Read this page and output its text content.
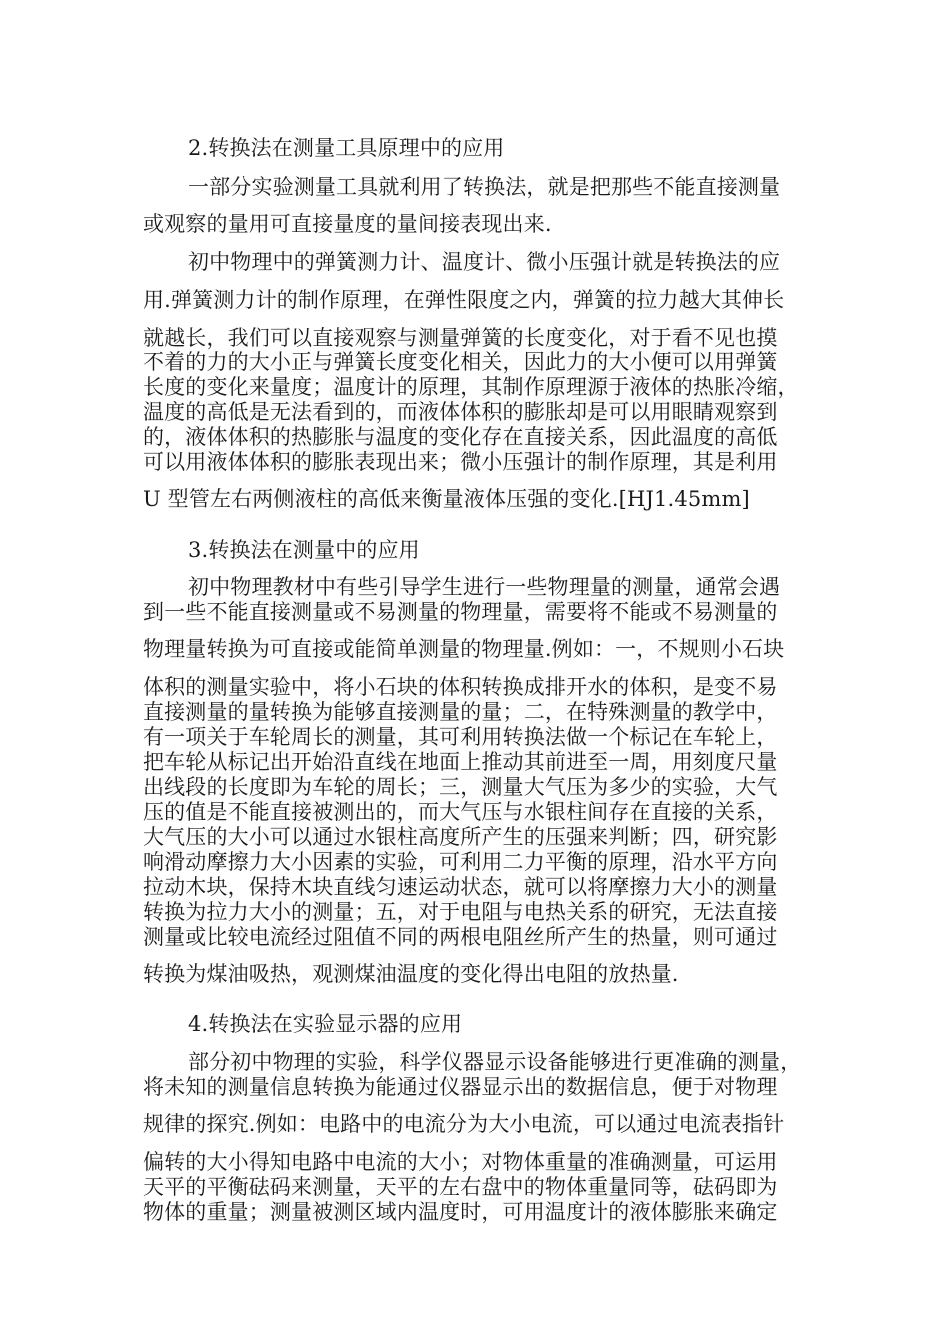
2.转换法在测量工具原理中的应用
一部分实验测量工具就利用了转换法，就是把那些不能直接测量
或观察的量用可直接量度的量间接表现出来.
初中物理中的弹簧测力计、温度计、微小压强计就是转换法的应
用.弹簧测力计的制作原理，在弹性限度之内，弹簧的拉力越大其伸长
就越长，我们可以直接观察与测量弹簧的长度变化，对于看不见也摸
不着的力的大小正与弹簧长度变化相关，因此力的大小便可以用弹簧
长度的变化来量度；温度计的原理，其制作原理源于液体的热胀冷缩，
温度的高低是无法看到的，而液体体积的膨胀却是可以用眼睛观察到
的，液体体积的热膨胀与温度的变化存在直接关系，因此温度的高低
可以用液体体积的膨胀表现出来；微小压强计的制作原理，其是利用
U 型管左右两侧液柱的高低来衡量液体压强的变化.[HJ1.45mm]
3.转换法在测量中的应用
初中物理教材中有些引导学生进行一些物理量的测量，通常会遇
到一些不能直接测量或不易测量的物理量，需要将不能或不易测量的
物理量转换为可直接或能简单测量的物理量.例如：一，不规则小石块
体积的测量实验中，将小石块的体积转换成排开水的体积，是变不易
直接测量的量转换为能够直接测量的量；二，在特殊测量的教学中，
有一项关于车轮周长的测量，其可利用转换法做一个标记在车轮上，
把车轮从标记出开始沿直线在地面上推动其前进至一周，用刻度尺量
出线段的长度即为车轮的周长；三，测量大气压为多少的实验，大气
压的值是不能直接被测出的，而大气压与水银柱间存在直接的关系，
大气压的大小可以通过水银柱高度所产生的压强来判断；四，研究影
响滑动摩擦力大小因素的实验，可利用二力平衡的原理，沿水平方向
拉动木块，保持木块直线匀速运动状态，就可以将摩擦力大小的测量
转换为拉力大小的测量；五，对于电阻与电热关系的研究，无法直接
测量或比较电流经过阻值不同的两根电阻丝所产生的热量，则可通过
转换为煤油吸热，观测煤油温度的变化得出电阻的放热量.
4.转换法在实验显示器的应用
部分初中物理的实验，科学仪器显示设备能够进行更准确的测量，
将未知的测量信息转换为能通过仪器显示出的数据信息，便于对物理
规律的探究.例如：电路中的电流分为大小电流，可以通过电流表指针
偏转的大小得知电路中电流的大小；对物体重量的准确测量，可运用
天平的平衡砝码来测量，天平的左右盘中的物体重量同等，砝码即为
物体的重量；测量被测区域内温度时，可用温度计的液体膨胀来确定
